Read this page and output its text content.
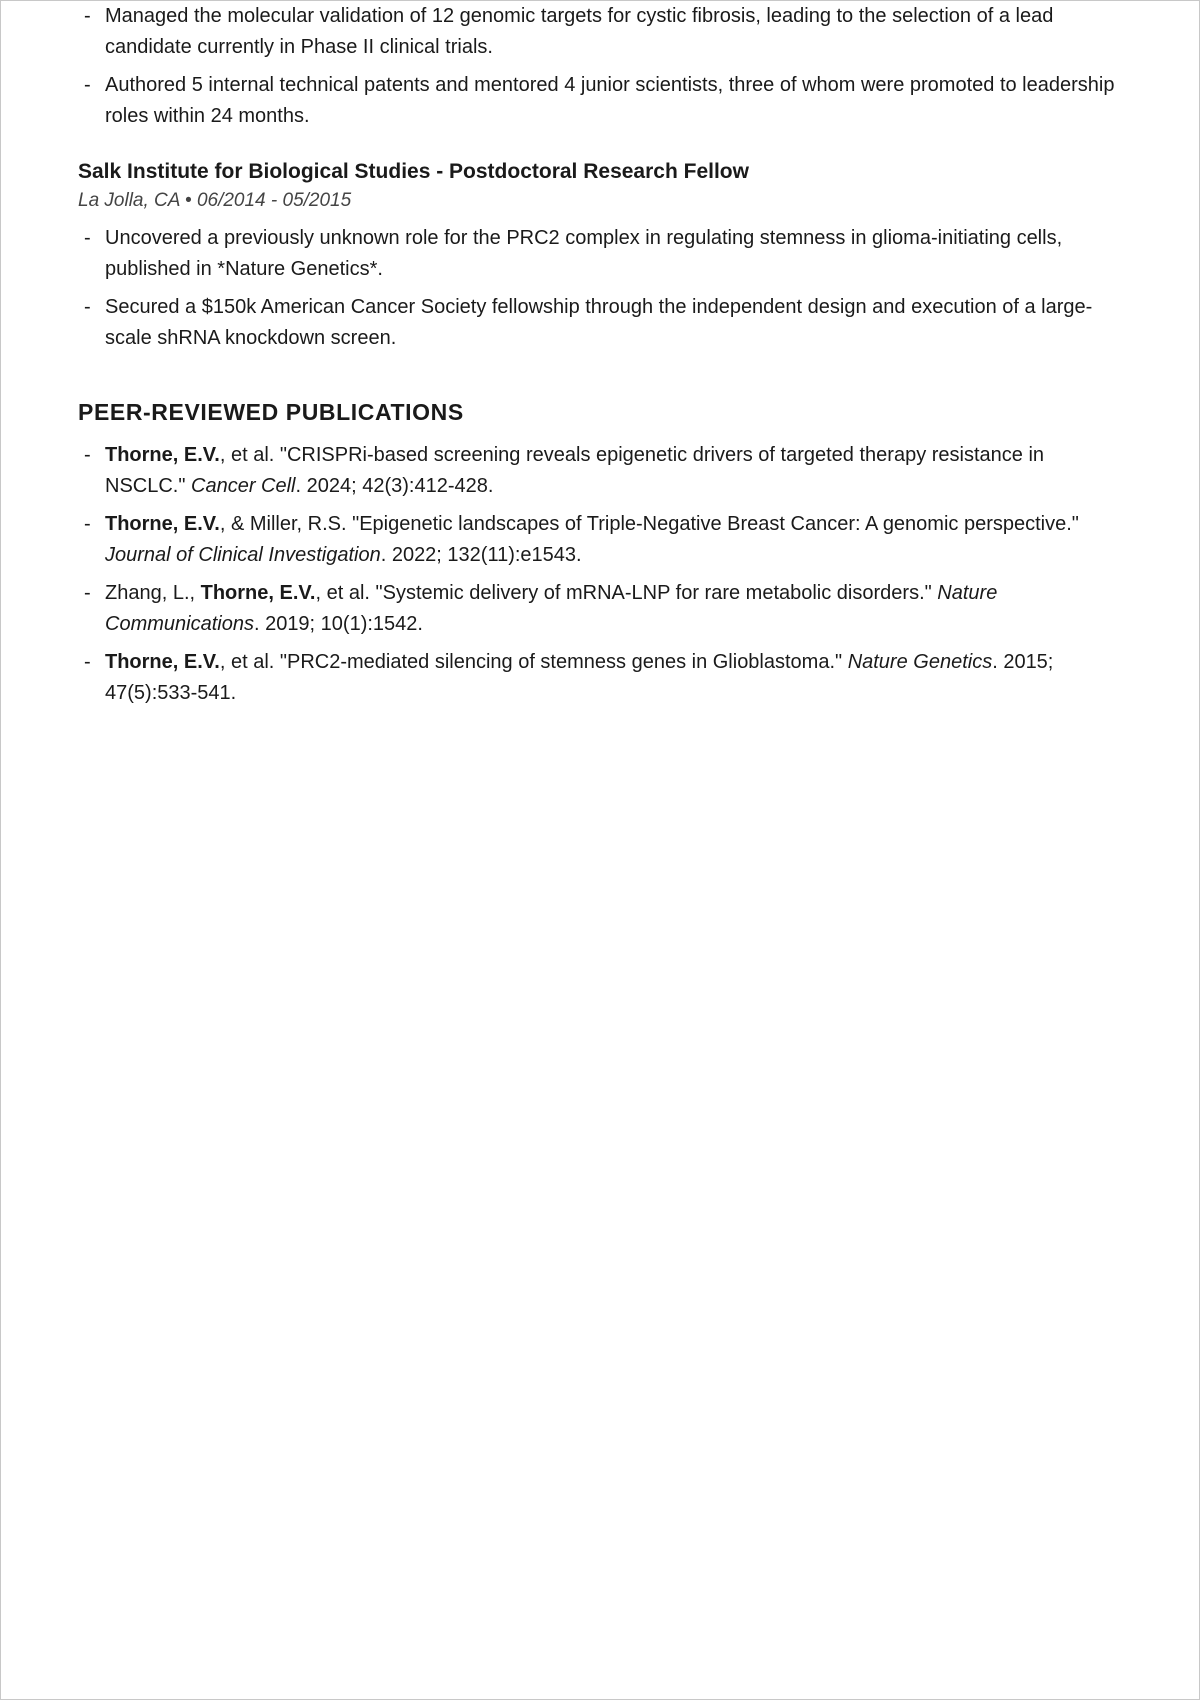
- Managed the molecular validation of 12 genomic targets for cystic fibrosis, leading to the selection of a lead candidate currently in Phase II clinical trials.
- Authored 5 internal technical patents and mentored 4 junior scientists, three of whom were promoted to leadership roles within 24 months.
Salk Institute for Biological Studies - Postdoctoral Research Fellow
La Jolla, CA • 06/2014 - 05/2015
- Uncovered a previously unknown role for the PRC2 complex in regulating stemness in glioma-initiating cells, published in *Nature Genetics*.
- Secured a $150k American Cancer Society fellowship through the independent design and execution of a large-scale shRNA knockdown screen.
PEER-REVIEWED PUBLICATIONS
- Thorne, E.V., et al. "CRISPRi-based screening reveals epigenetic drivers of targeted therapy resistance in NSCLC." Cancer Cell. 2024; 42(3):412-428.
- Thorne, E.V., & Miller, R.S. "Epigenetic landscapes of Triple-Negative Breast Cancer: A genomic perspective." Journal of Clinical Investigation. 2022; 132(11):e1543.
- Zhang, L., Thorne, E.V., et al. "Systemic delivery of mRNA-LNP for rare metabolic disorders." Nature Communications. 2019; 10(1):1542.
- Thorne, E.V., et al. "PRC2-mediated silencing of stemness genes in Glioblastoma." Nature Genetics. 2015; 47(5):533-541.
